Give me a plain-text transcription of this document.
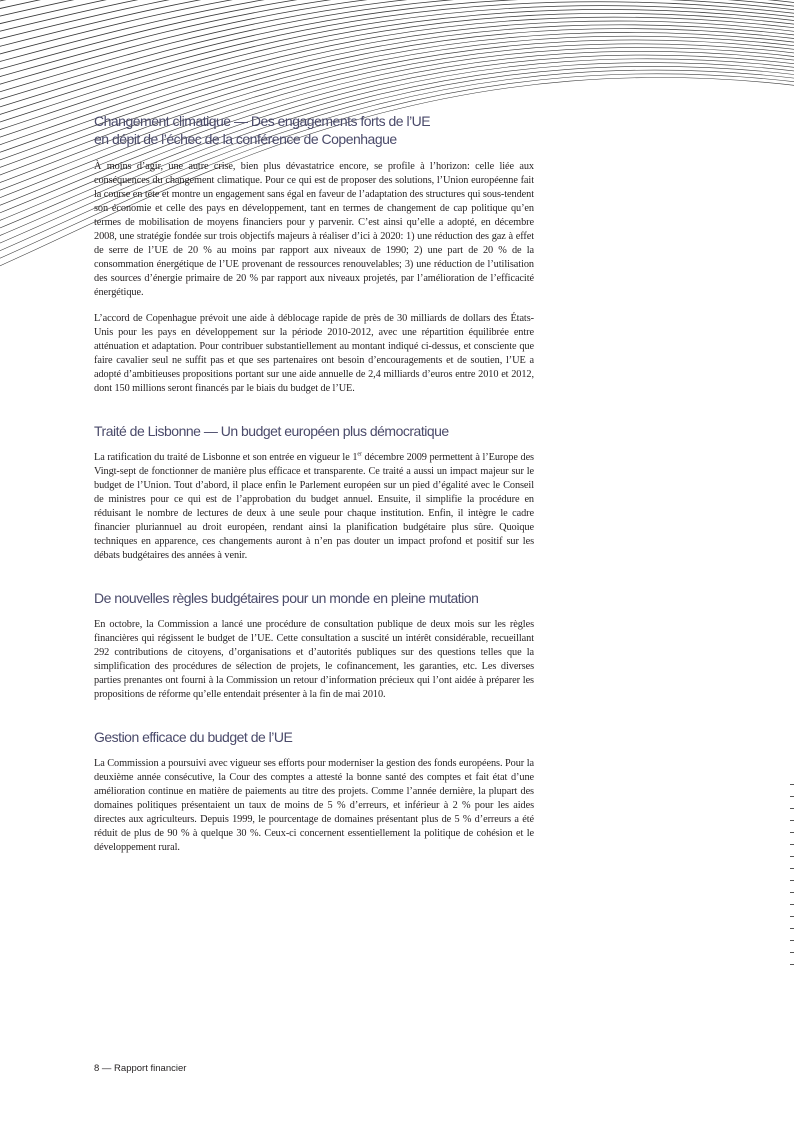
Changement climatique — Des engagements forts de l’UE
en dépit de l’échec de la conférence de Copenhague

À moins d’agir, une autre crise, bien plus dévastatrice encore, se profile à l’horizon: celle liée aux conséquences du changement climatique. Pour ce qui est de proposer des solutions, l’Union européenne fait la course en tête et montre un engagement sans égal en faveur de l’adaptation des structures qui sous-tendent son économie et celle des pays en développement, tant en termes de changement de cap politique qu’en termes de mobilisation de moyens financiers pour y parvenir. C’est ainsi qu’elle a adopté, en décembre 2008, une stratégie fondée sur trois objectifs majeurs à réaliser d’ici à 2020: 1) une réduction des gaz à effet de serre de l’UE de 20 % au moins par rapport aux niveaux de 1990; 2) une part de 20 % de la consommation énergétique de l’UE provenant de ressources renouvelables; 3) une réduction de l’utilisation des sources d’énergie primaire de 20 % par rapport aux niveaux projetés, par l’amélioration de l’efficacité énergétique.

L’accord de Copenhague prévoit une aide à déblocage rapide de près de 30 milliards de dollars des États-Unis pour les pays en développement sur la période 2010-2012, avec une répartition équilibrée entre atténuation et adaptation. Pour contribuer substantiellement au montant indiqué ci-dessus, et consciente que faire cavalier seul ne suffit pas et que ses partenaires ont besoin d’encouragements et de soutien, l’UE a adopté d’ambitieuses propositions portant sur une aide annuelle de 2,4 milliards d’euros entre 2010 et 2012, dont 150 millions seront financés par le biais du budget de l’UE.

Traité de Lisbonne — Un budget européen plus démocratique

La ratification du traité de Lisbonne et son entrée en vigueur le 1er décembre 2009 permettent à l’Europe des Vingt-sept de fonctionner de manière plus efficace et transparente. Ce traité a aussi un impact majeur sur le budget de l’Union. Tout d’abord, il place enfin le Parlement européen sur un pied d’égalité avec le Conseil de ministres pour ce qui est de l’approbation du budget annuel. Ensuite, il simplifie la procédure en réduisant le nombre de lectures de deux à une seule pour chaque institution. Enfin, il intègre le cadre financier pluriannuel au droit européen, rendant ainsi la planification budgétaire plus sûre. Quoique techniques en apparence, ces changements auront à n’en pas douter un impact profond et positif sur les débats budgétaires des années à venir.

De nouvelles règles budgétaires pour un monde en pleine mutation

En octobre, la Commission a lancé une procédure de consultation publique de deux mois sur les règles financières qui régissent le budget de l’UE. Cette consultation a suscité un intérêt considérable, recueillant 292 contributions de citoyens, d’organisations et d’autorités publiques sur des questions telles que la simplification des procédures de sélection de projets, le cofinancement, les garanties, etc. Les diverses parties prenantes ont fourni à la Commission un retour d’information précieux qui l’ont aidée à préparer les propositions de réforme qu’elle entendait présenter à la fin de mai 2010.

Gestion efficace du budget de l’UE

La Commission a poursuivi avec vigueur ses efforts pour moderniser la gestion des fonds européens. Pour la deuxième année consécutive, la Cour des comptes a attesté la bonne santé des comptes et fait état d’une amélioration continue en matière de paiements au titre des projets. Comme l’année dernière, la plupart des domaines politiques présentaient un taux de moins de 5 % d’erreurs, et inférieur à 2 % pour les aides directes aux agriculteurs. Depuis 1999, le pourcentage de domaines présentant plus de 5 % d’erreurs a été réduit de plus de 90 % à quelque 30 %. Ceux-ci concernent essentiellement la politique de cohésion et le développement rural.

8 — Rapport financier
